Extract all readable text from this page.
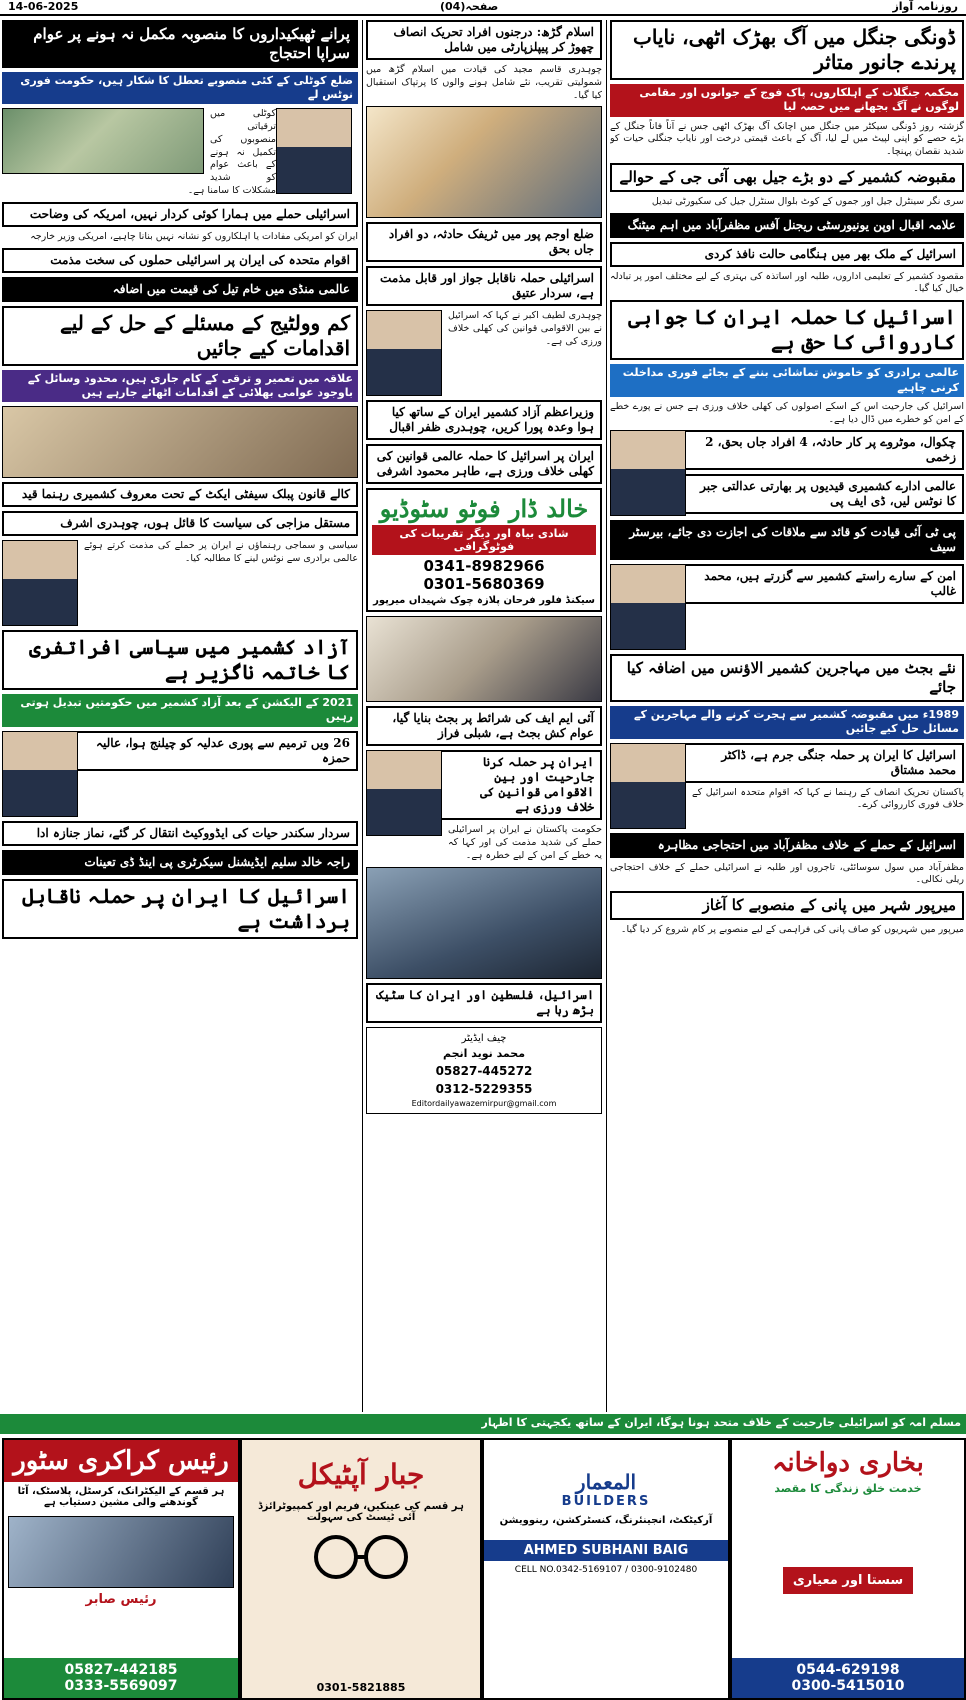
14-06-2025	صفحہ(04)	روزنامہ آواز
ڈونگی جنگل میں آگ بھڑک اٹھی، نایاب پرندے جانور متاثر
محکمہ جنگلات کے اہلکاروں، پاک فوج کے جوانوں اور مقامی لوگوں نے آگ بجھانے میں حصہ لیا

گزشتہ روز ڈونگی سیکٹر میں جنگل میں اچانک آگ بھڑک اٹھی جس نے آناً فاناً جنگل کے بڑے حصے کو اپنی لپیٹ میں لے لیا، آگ کے باعث قیمتی درخت اور نایاب جنگلی حیات کو شدید نقصان پہنچا۔

مقبوضہ کشمیر کے دو بڑے جیل بھی آئی جی کے حوالے

سری نگر سینٹرل جیل اور جموں کے کوٹ بلوال سنٹرل جیل کی سکیورٹی تبدیل

علامہ اقبال اوپن یونیورسٹی ریجنل آفس مظفرآباد میں اہم میٹنگ
اسرائیل کے ملک بھر میں ہنگامی حالت نافذ کردی

مقصود کشمیر کے تعلیمی اداروں، طلبہ اور اساتذہ کی بہتری کے لیے مختلف امور پر تبادلہ خیال کیا گیا۔

اسرائیل کا حملہ ایران کا جوابی کارروائی کا حق ہے
عالمی برادری کو خاموش تماشائی بننے کے بجائے فوری مداخلت کرنی چاہیے

اسرائیل کی جارحیت اس کے اسکے اصولوں کی کھلی خلاف ورزی ہے جس نے پورے خطے کے امن کو خطرے میں ڈال دیا ہے۔

چکوال، موٹروے پر کار حادثہ، 4 افراد جاں بحق، 2 زخمی
عالمی ادارے کشمیری قیدیوں پر بھارتی عدالتی جبر کا نوٹس لیں، ڈی ایف پی
پی ٹی آئی قیادت کو قائد سے ملاقات کی اجازت دی جائے، بیرسٹر سیف
امن کے سارے راستے کشمیر سے گزرتے ہیں، محمد غالب
نئے بجٹ میں مہاجرین کشمیر الاؤنس میں اضافہ کیا جائے
1989ء میں مقبوضہ کشمیر سے ہجرت کرنے والے مہاجرین کے مسائل حل کیے جائیں
اسرائیل کا ایران پر حملہ جنگی جرم ہے، ڈاکٹر محمد مشتاق

پاکستان تحریک انصاف کے رہنما نے کہا کہ اقوام متحدہ اسرائیل کے خلاف فوری کارروائی کرے۔

اسرائیل کے حملے کے خلاف مظفرآباد میں احتجاجی مظاہرہ

مظفرآباد میں سول سوسائٹی، تاجروں اور طلبہ نے اسرائیلی حملے کے خلاف احتجاجی ریلی نکالی۔

میرپور شہر میں پانی کے منصوبے کا آغاز

میرپور میں شہریوں کو صاف پانی کی فراہمی کے لیے منصوبے پر کام شروع کر دیا گیا۔

اسلام گڑھ: درجنوں افراد تحریک انصاف چھوڑ کر پیپلزپارٹی میں شامل

چوہدری قاسم مجید کی قیادت میں اسلام گڑھ میں شمولیتی تقریب، نئے شامل ہونے والوں کا پرتپاک استقبال کیا گیا۔

ضلع اوجم پور میں ٹریفک حادثہ، دو افراد جاں بحق
اسرائیلی حملہ ناقابل جواز اور قابل مذمت ہے، سردار عتیق

چوہدری لطیف اکبر نے کہا کہ اسرائیل نے بین الاقوامی قوانین کی کھلی خلاف ورزی کی ہے۔

وزیراعظم آزاد کشمیر ایران کے ساتھ کیا ہوا وعدہ پورا کریں، چوہدری ظفر اقبال
ایران پر اسرائیل کا حملہ عالمی قوانین کی کھلی خلاف ورزی ہے، طاہر محمود اشرفی
خالد ڈار فوٹو سٹوڈیو
شادی بیاہ اور دیگر تقریبات کی فوٹوگرافی
0341-8982966
0301-5680369
سیکنڈ فلور فرحان پلازہ چوک شہیداں میرپور
آئی ایم ایف کی شرائط پر بجٹ بنایا گیا، عوام کش بجٹ ہے، شبلی فراز
ایران پر حملہ کرنا جارحیت اور بین الاقوامی قوانین کی خلاف ورزی ہے

حکومت پاکستان نے ایران پر اسرائیلی حملے کی شدید مذمت کی اور کہا کہ یہ خطے کے امن کے لیے خطرہ ہے۔

اسرائیل، فلسطین اور ایران کا سٹیک بڑھ رہا ہے
چیف ایڈیٹر
محمد نوید انجم
05827-445272
0312-5229355
Editordailyawazemirpur@gmail.com
پرانے ٹھیکیداروں کا منصوبہ مکمل نہ ہونے پر عوام سراپا احتجاج
ضلع کوٹلی کے کئی منصوبے تعطل کا شکار ہیں، حکومت فوری نوٹس لے

کوٹلی میں ترقیاتی منصوبوں کی تکمیل نہ ہونے کے باعث عوام کو شدید مشکلات کا سامنا ہے۔

اسرائیلی حملے میں ہمارا کوئی کردار نہیں، امریکہ کی وضاحت

ایران کو امریکی مفادات یا اہلکاروں کو نشانہ نہیں بنانا چاہیے، امریکی وزیر خارجہ

اقوام متحدہ کی ایران پر اسرائیلی حملوں کی سخت مذمت
عالمی منڈی میں خام تیل کی قیمت میں اضافہ
کم وولٹیج کے مسئلے کے حل کے لیے اقدامات کیے جائیں
علاقہ میں تعمیر و ترقی کے کام جاری ہیں، محدود وسائل کے باوجود عوامی بھلائی کے اقدامات اٹھائے جارہے ہیں
کالے قانون پبلک سیفٹی ایکٹ کے تحت معروف کشمیری رہنما قید
مستقل مزاجی کی سیاست کا قائل ہوں، چوہدری اشرف

سیاسی و سماجی رہنماؤں نے ایران پر حملے کی مذمت کرتے ہوئے عالمی برادری سے نوٹس لینے کا مطالبہ کیا۔

آزاد کشمیر میں سیاسی افراتفری کا خاتمہ ناگزیر ہے
2021 کے الیکشن کے بعد آزاد کشمیر میں حکومتیں تبدیل ہوتی رہیں
26 ویں ترمیم سے پوری عدلیہ کو چیلنج ہوا، عالیہ حمزہ
سردار سکندر حیات کی ایڈووکیٹ انتقال کر گئے، نماز جنازہ ادا
راجہ خالد سلیم ایڈیشنل سیکرٹری پی اینڈ ڈی تعینات
اسرائیل کا ایران پر حملہ ناقابل برداشت ہے
مسلم امہ کو اسرائیلی جارحیت کے خلاف متحد ہونا ہوگا، ایران کے ساتھ یکجہتی کا اظہار
رئیس کراکری سٹور
ہر قسم کے الیکٹرانک، کرسٹل، پلاسٹک، آٹا گوندھنے والی مشین دستیاب ہے
رئیس صابر
05827-442185
0333-5569097
جبار آپٹیکل
ہر قسم کی عینکیں، فریم اور کمپیوٹرائزڈ آئی ٹیسٹ کی سہولت
0301-5821885
المعمار
BUILDERS
آرکیٹکٹ، انجینئرنگ، کنسٹرکشن، رینوویشن
AHMED SUBHANI BAIG
CELL NO.0342-5169107 / 0300-9102480
بخاری دواخانہ
خدمت خلق زندگی کا مقصد
سستا اور معیاری
0544-629198
0300-5415010
